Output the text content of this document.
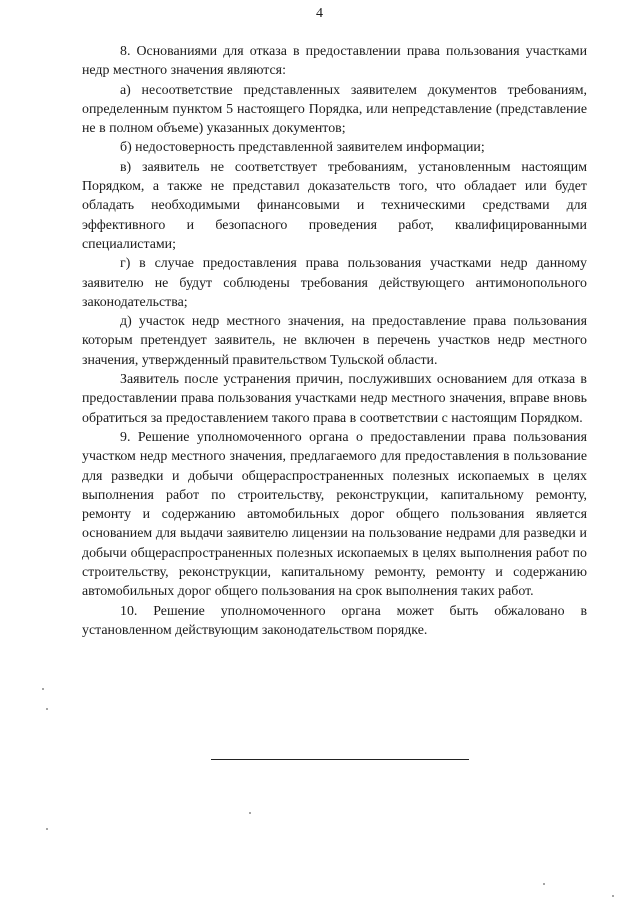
4

8. Основаниями для отказа в предоставлении права пользования участками недр местного значения являются:

а) несоответствие представленных заявителем документов требованиям, определенным пунктом 5 настоящего Порядка, или непредставление (представление не в полном объеме) указанных документов;

б) недостоверность представленной заявителем информации;

в) заявитель не соответствует требованиям, установленным настоящим Порядком, а также не представил доказательств того, что обладает или будет обладать необходимыми финансовыми и техническими средствами для эффективного и безопасного проведения работ, квалифицированными специалистами;

г) в случае предоставления права пользования участками недр данному заявителю не будут соблюдены требования действующего антимонопольного законодательства;

д) участок недр местного значения, на предоставление права пользования которым претендует заявитель, не включен в перечень участков недр местного значения, утвержденный правительством Тульской области.

Заявитель после устранения причин, послуживших основанием для отказа в предоставлении права пользования участками недр местного значения, вправе вновь обратиться за предоставлением такого права в соответствии с настоящим Порядком.

9. Решение уполномоченного органа о предоставлении права пользования участком недр местного значения, предлагаемого для предоставления в пользование для разведки и добычи общераспространенных полезных ископаемых в целях выполнения работ по строительству, реконструкции, капитальному ремонту, ремонту и содержанию автомобильных дорог общего пользования является основанием для выдачи заявителю лицензии на пользование недрами для разведки и добычи общераспространенных полезных ископаемых в целях выполнения работ по строительству, реконструкции, капитальному ремонту, ремонту и содержанию автомобильных дорог общего пользования на срок выполнения таких работ.

10. Решение уполномоченного органа может быть обжаловано в установленном действующим законодательством порядке.
